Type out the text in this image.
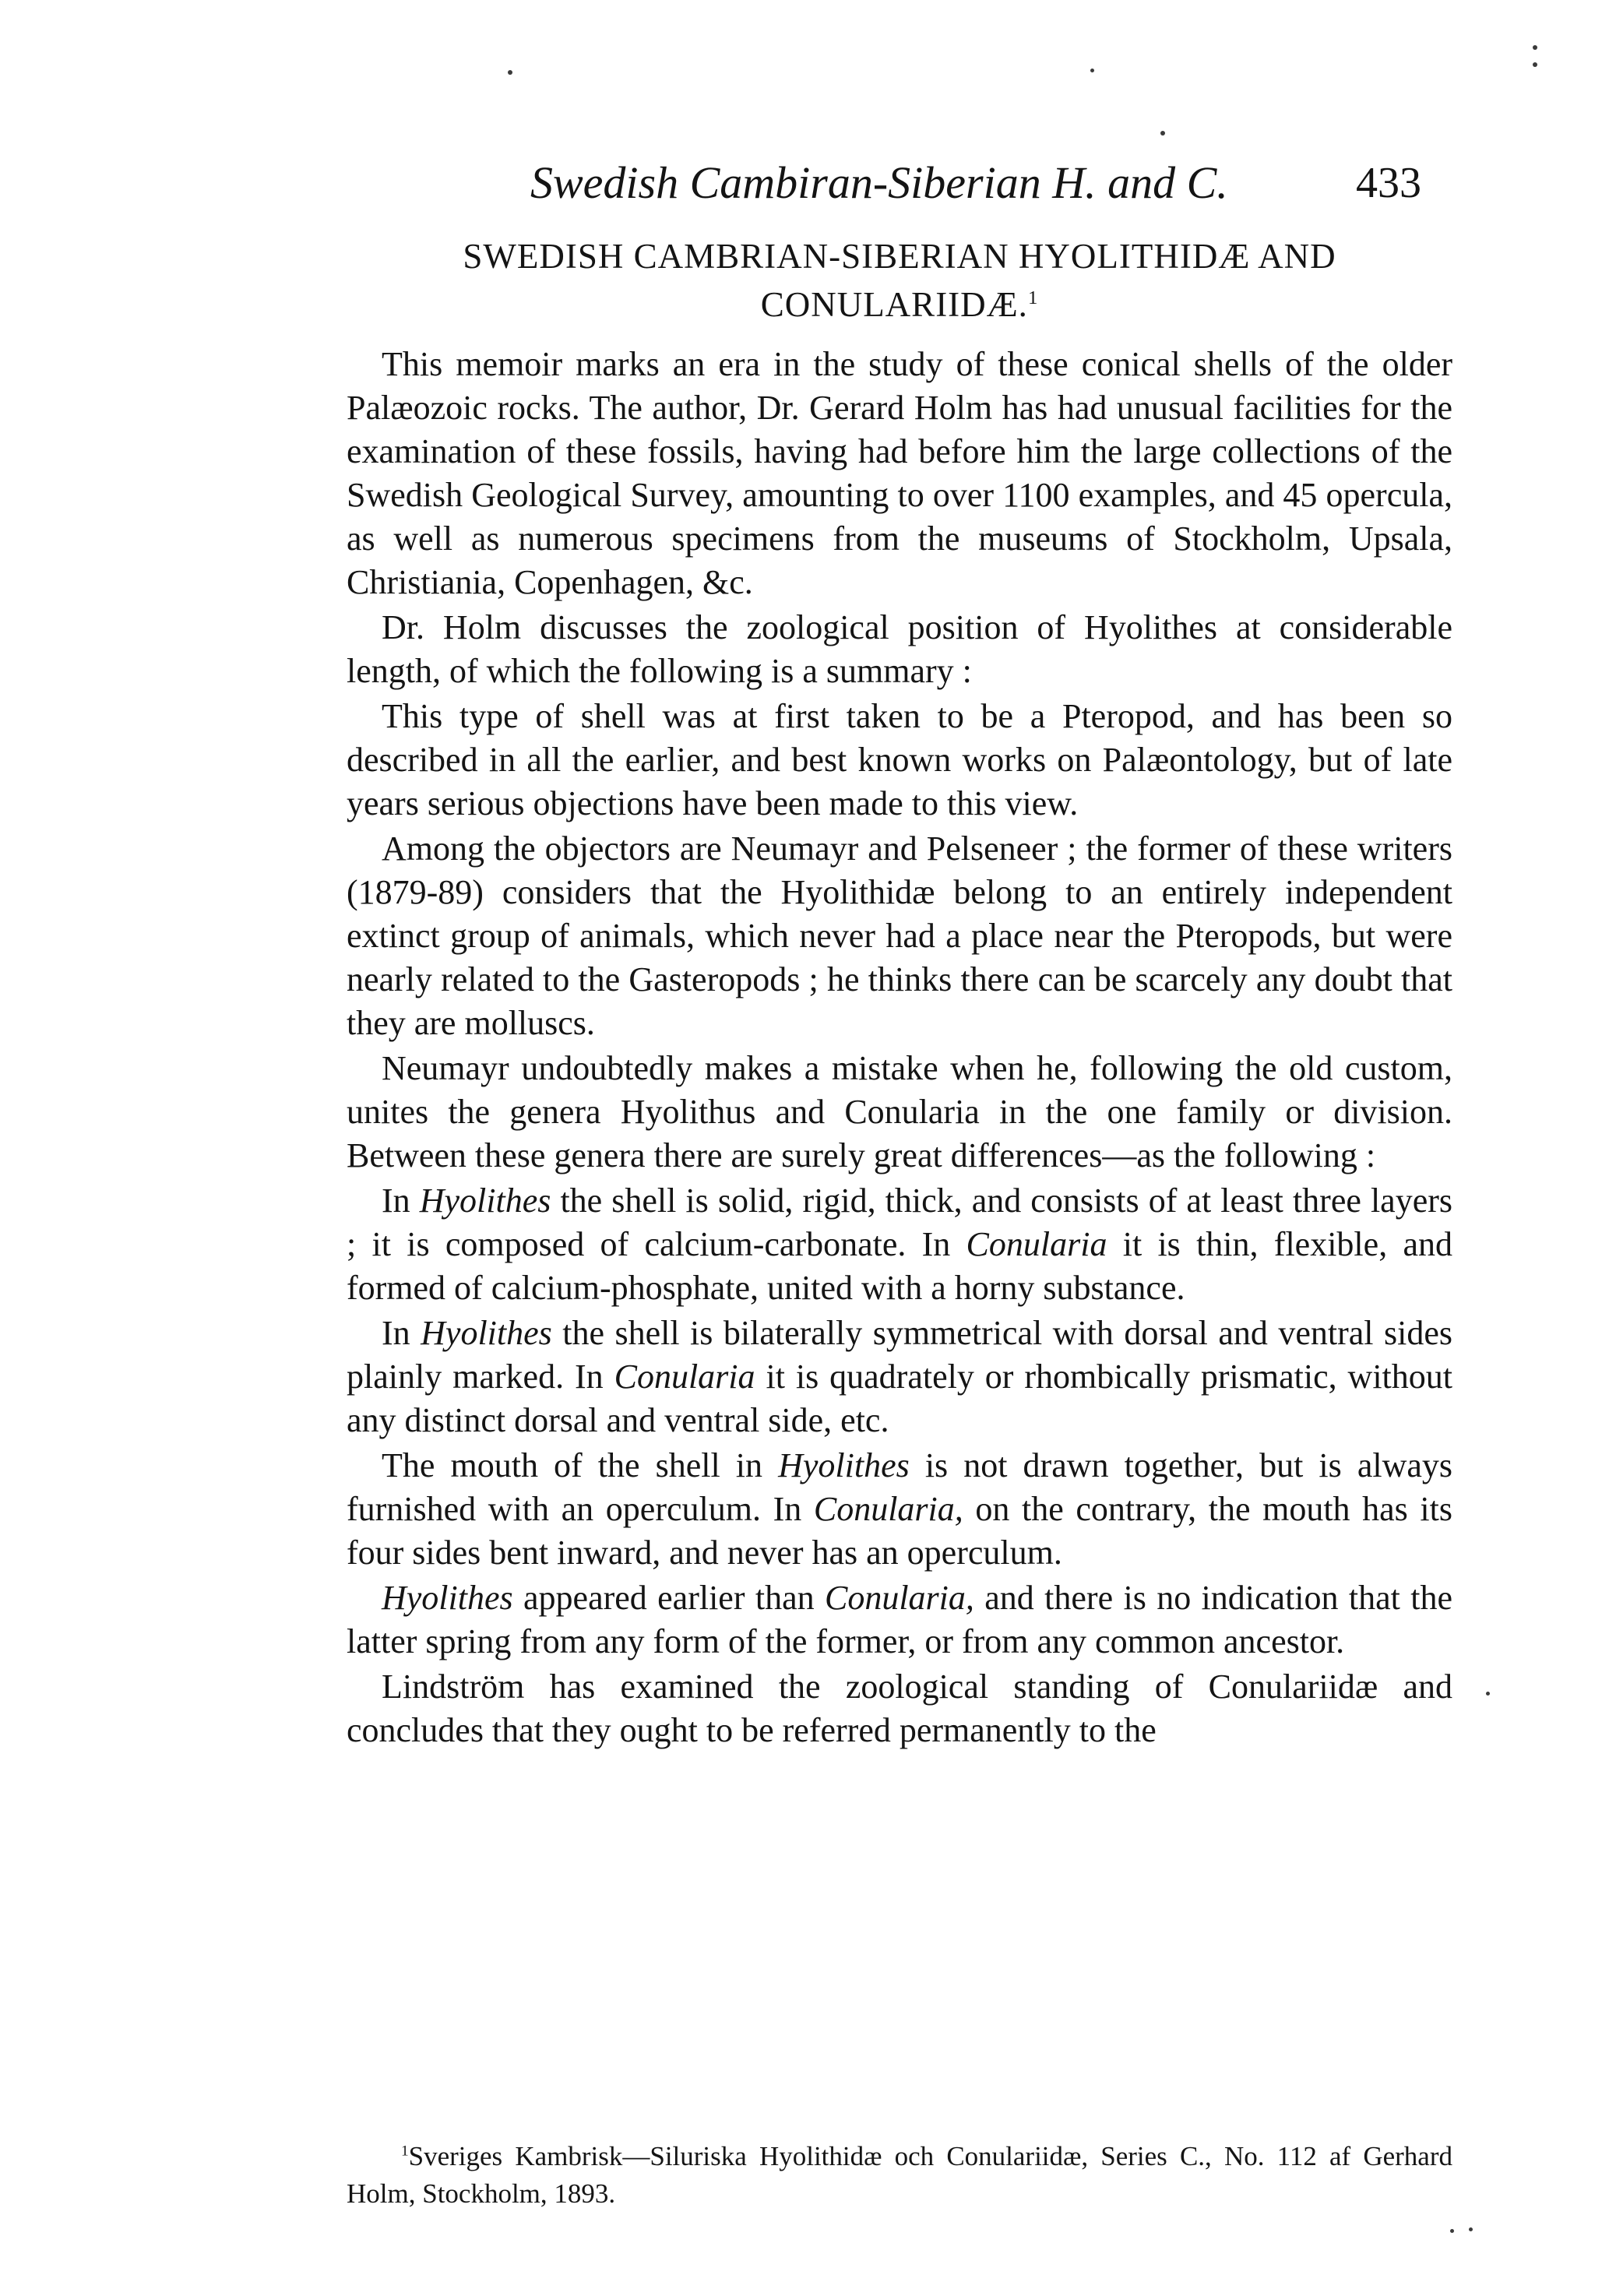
Swedish Cambiran-Siberian H. and C.	433
SWEDISH CAMBRIAN-SIBERIAN HYOLITHIDÆ AND
CONULARIIDÆ.$^1$

This memoir marks an era in the study of these conical shells of the older Palæozoic rocks. The author, Dr. Gerard Holm has had unusual facilities for the examination of these fossils, having had before him the large collections of the Swedish Geological Survey, amounting to over 1100 examples, and 45 opercula, as well as numerous specimens from the museums of Stockholm, Upsala, Christiania, Copenhagen, &c.

Dr. Holm discusses the zoological position of Hyolithes at considerable length, of which the following is a summary :

This type of shell was at first taken to be a Pteropod, and has been so described in all the earlier, and best known works on Palæontology, but of late years serious objections have been made to this view.

Among the objectors are Neumayr and Pelseneer ; the former of these writers (1879-89) considers that the Hyolithidæ belong to an entirely independent extinct group of animals, which never had a place near the Pteropods, but were nearly related to the Gasteropods ; he thinks there can be scarcely any doubt that they are molluscs.

Neumayr undoubtedly makes a mistake when he, following the old custom, unites the genera Hyolithus and Conularia in the one family or division. Between these genera there are surely great differences—as the following :

In Hyolithes the shell is solid, rigid, thick, and consists of at least three layers ; it is composed of calcium-carbonate. In Conularia it is thin, flexible, and formed of calcium-phosphate, united with a horny substance.

In Hyolithes the shell is bilaterally symmetrical with dorsal and ventral sides plainly marked. In Conularia it is quadrately or rhombically prismatic, without any distinct dorsal and ventral side, etc.

The mouth of the shell in Hyolithes is not drawn together, but is always furnished with an operculum. In Conularia, on the contrary, the mouth has its four sides bent inward, and never has an operculum.

Hyolithes appeared earlier than Conularia, and there is no indication that the latter spring from any form of the former, or from any common ancestor.

Lindström has examined the zoological standing of Conulariidæ and concludes that they ought to be referred permanently to the

$^1$Sveriges Kambrisk—Siluriska Hyolithidæ och Conulariidæ, Series C., No. 112 af Gerhard Holm, Stockholm, 1893.
